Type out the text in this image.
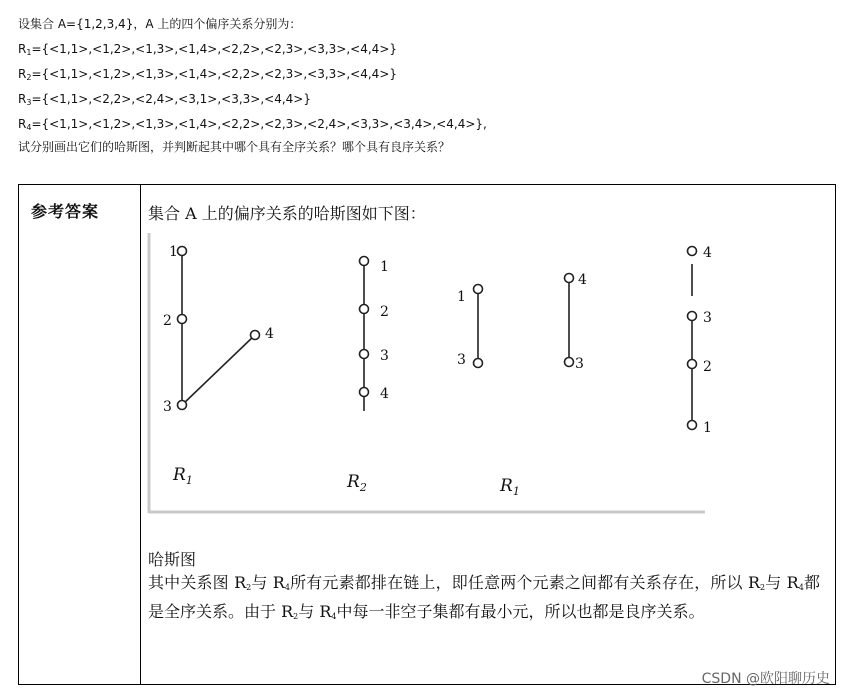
设集合 A={1,2,3,4}，A 上的四个偏序关系分别为：
$R_1=\{<1,1>,<1,2>,<1,3>,<1,4>,<2,2>,<2,3>,<3,3>,<4,4>\}$
$R_2=\{<1,1>,<1,2>,<1,3>,<1,4>,<2,2>,<2,3>,<3,3>,<4,4>\}$
$R_3=\{<1,1>,<2,2>,<2,4>,<3,1>,<3,3>,<4,4>\}$
$R_4=\{<1,1>,<1,2>,<1,3>,<1,4>,<2,2>,<2,3>,<2,4>,<3,3>,<3,4>,<4,4>\}$,
试分别画出它们的哈斯图，并判断起其中哪个具有全序关系？哪个具有良序关系？
参考答案	集合 A 上的偏序关系的哈斯图如下图：
1
2
3
4
$R_1$
1
2
3
4
$R_2$
1
3
4
3
$R_1$
4
3
2
1
哈斯图
其中关系图 $R_2$与 $R_4$所有元素都排在链上，即任意两个元素之间都有关系存在，所以 $R_2$与 $R_4$都是全序关系。由于 $R_2$与 $R_4$中每一非空子集都有最小元，所以也都是良序关系。
CSDN @欧阳聊历史
